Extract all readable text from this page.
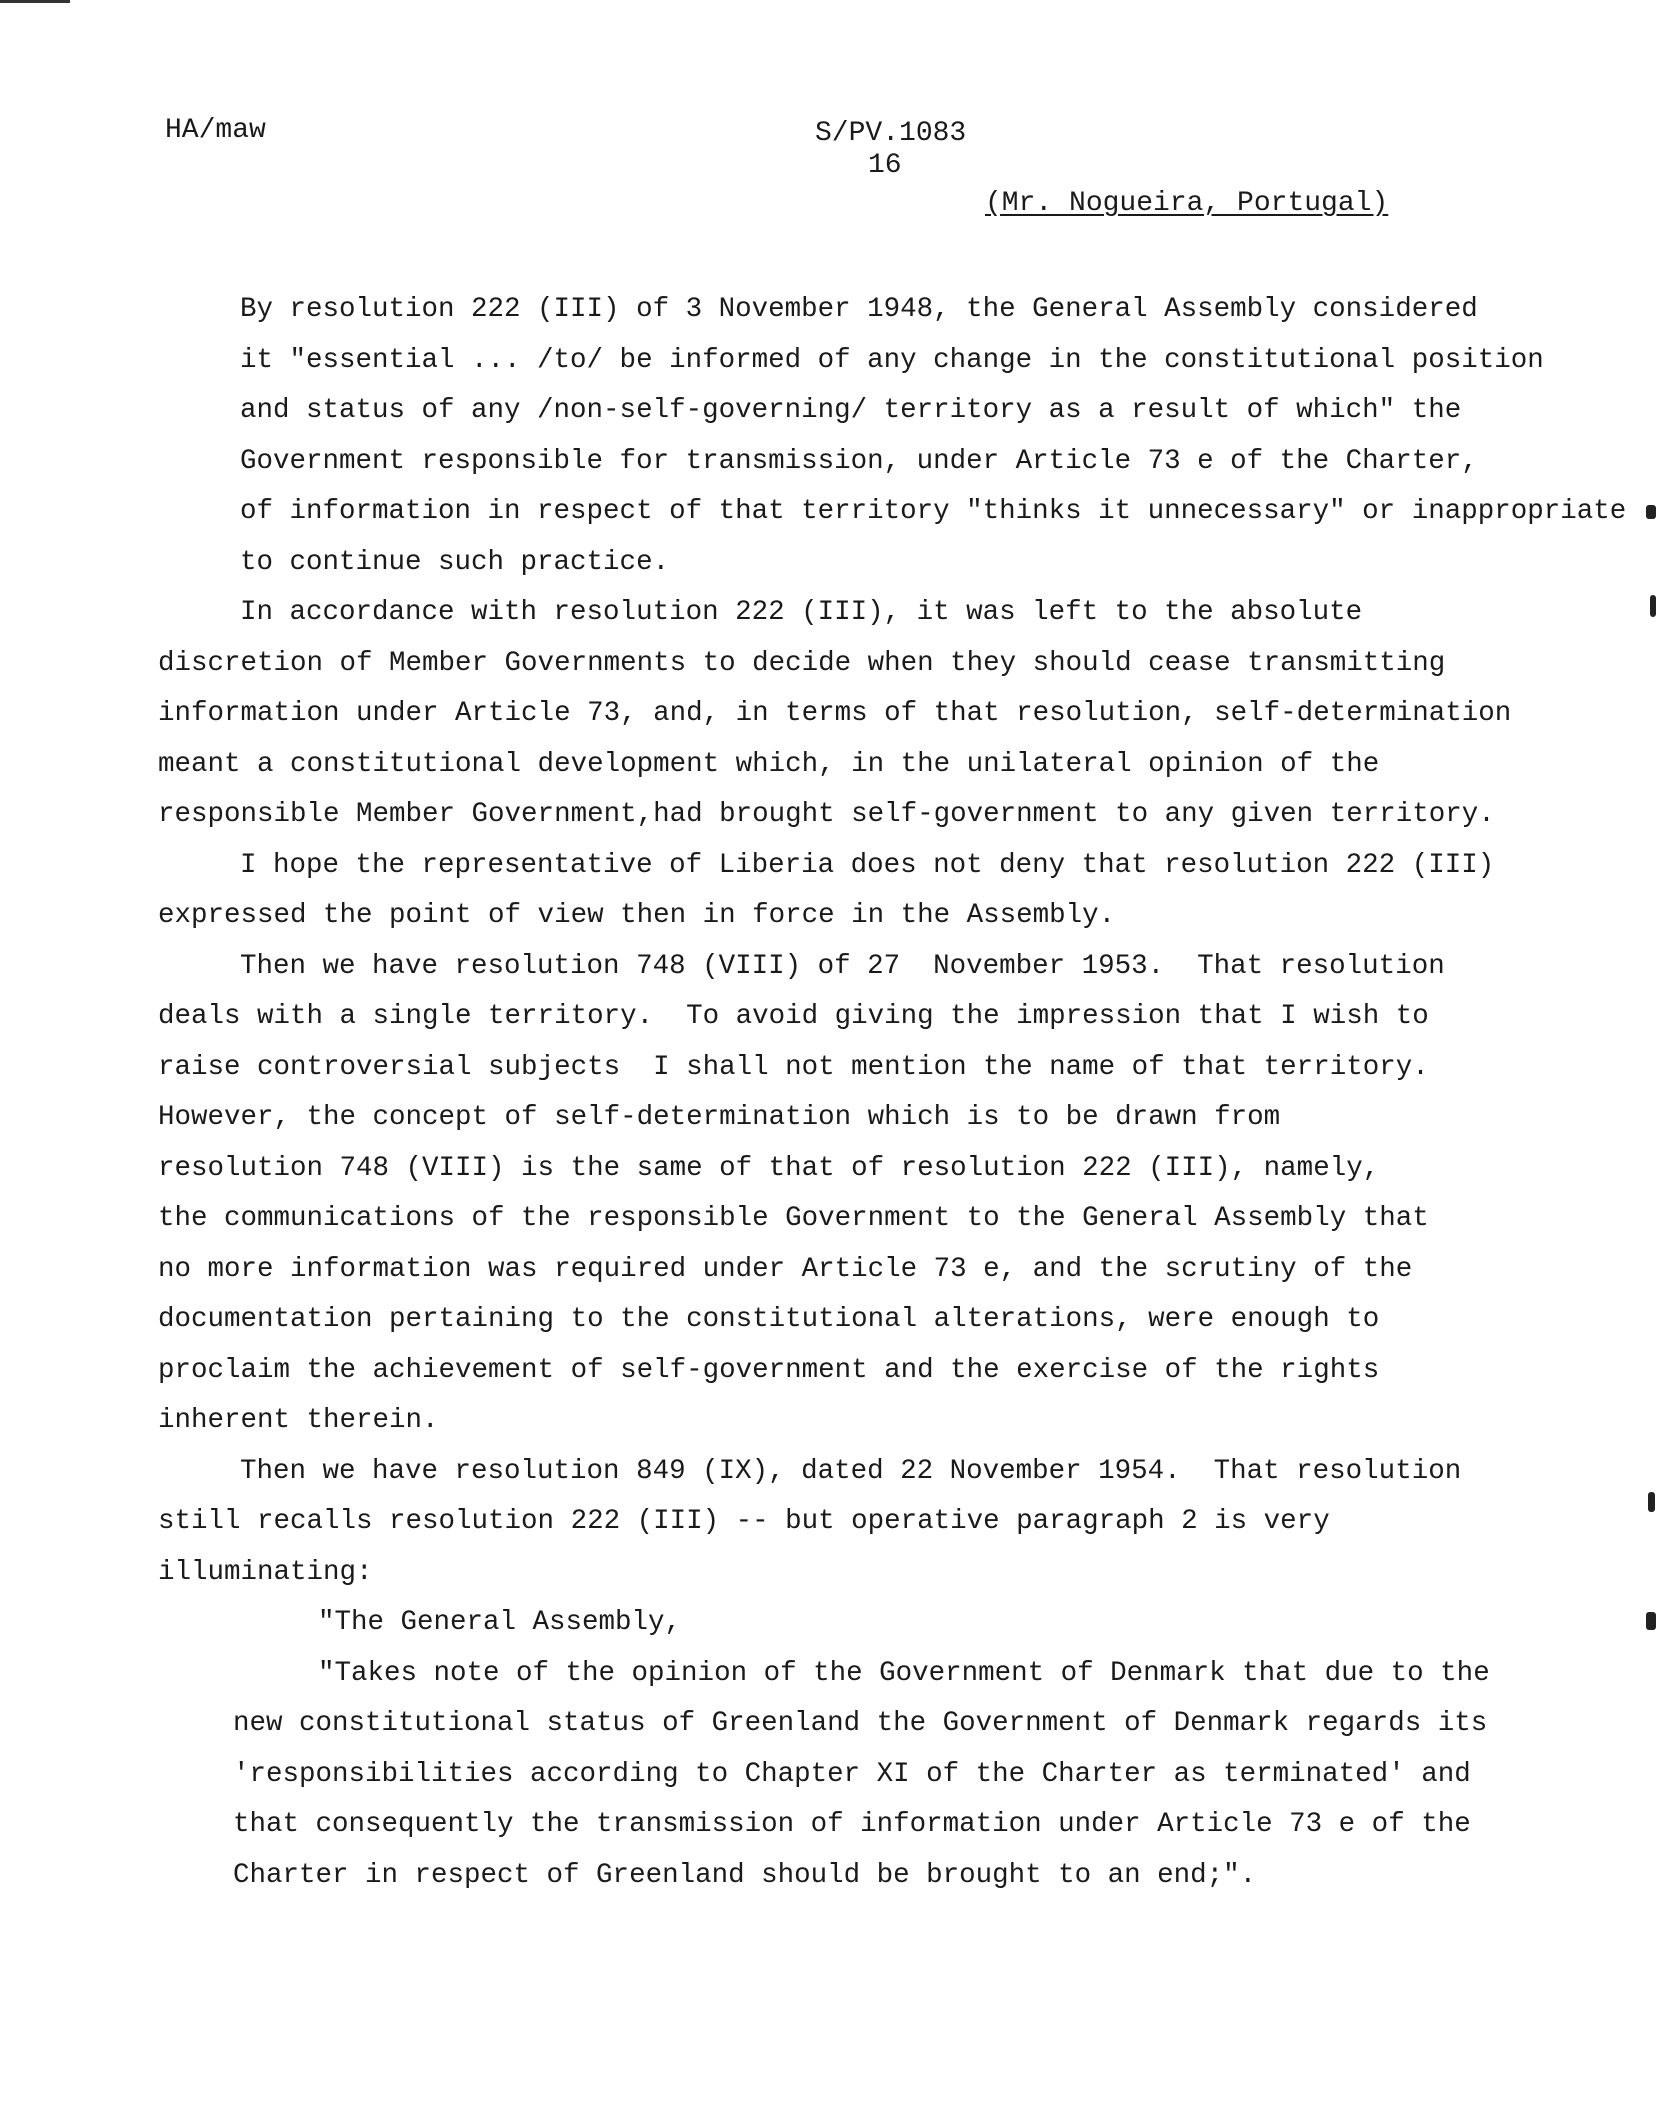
HA/maw	S/PV.1083
16
(Mr. Nogueira, Portugal)
By resolution 222 (III) of 3 November 1948, the General Assembly considered
it "essential ... /to/ be informed of any change in the constitutional position
and status of any /non-self-governing/ territory as a result of which" the
Government responsible for transmission, under Article 73 e of the Charter,
of information in respect of that territory "thinks it unnecessary" or inappropriate
to continue such practice.
In accordance with resolution 222 (III), it was left to the absolute
discretion of Member Governments to decide when they should cease transmitting
information under Article 73, and, in terms of that resolution, self-determination
meant a constitutional development which, in the unilateral opinion of the
responsible Member Government,had brought self-government to any given territory.
I hope the representative of Liberia does not deny that resolution 222 (III)
expressed the point of view then in force in the Assembly.
Then we have resolution 748 (VIII) of 27  November 1953.  That resolution
deals with a single territory.  To avoid giving the impression that I wish to
raise controversial subjects  I shall not mention the name of that territory.
However, the concept of self-determination which is to be drawn from
resolution 748 (VIII) is the same of that of resolution 222 (III), namely,
the communications of the responsible Government to the General Assembly that
no more information was required under Article 73 e, and the scrutiny of the
documentation pertaining to the constitutional alterations, were enough to
proclaim the achievement of self-government and the exercise of the rights
inherent therein.
Then we have resolution 849 (IX), dated 22 November 1954.  That resolution
still recalls resolution 222 (III) -- but operative paragraph 2 is very
illuminating:
"The General Assembly,
"Takes note of the opinion of the Government of Denmark that due to the
new constitutional status of Greenland the Government of Denmark regards its
'responsibilities according to Chapter XI of the Charter as terminated' and
that consequently the transmission of information under Article 73 e of the
Charter in respect of Greenland should be brought to an end;".
